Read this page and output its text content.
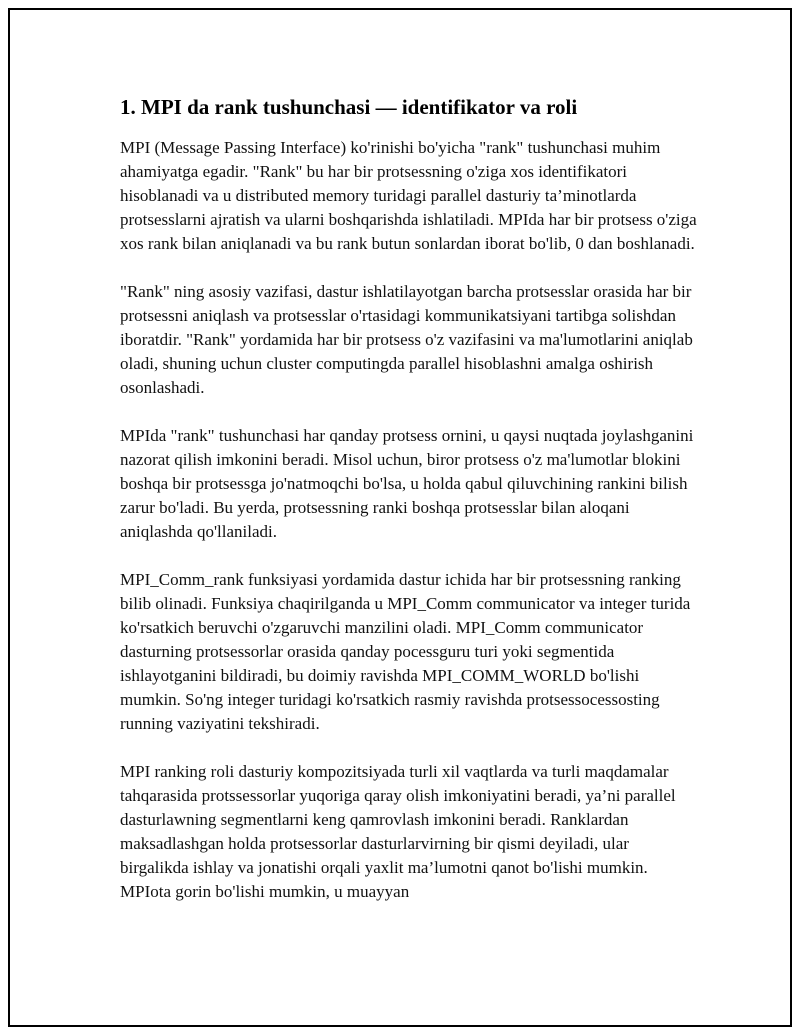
1. MPI da rank tushunchasi — identifikator va roli

MPI (Message Passing Interface) ko'rinishi bo'yicha "rank" tushunchasi muhim ahamiyatga egadir. "Rank" bu har bir protsessning o'ziga xos identifikatori hisoblanadi va u distributed memory turidagi parallel dasturiy ta’minotlarda protsesslarni ajratish va ularni boshqarishda ishlatiladi. MPIda har bir protsess o'ziga xos rank bilan aniqlanadi va bu rank butun sonlardan iborat bo'lib, 0 dan boshlanadi.

"Rank" ning asosiy vazifasi, dastur ishlatilayotgan barcha protsesslar orasida har bir protsessni aniqlash va protsesslar o'rtasidagi kommunikatsiyani tartibga solishdan iboratdir. "Rank" yordamida har bir protsess o'z vazifasini va ma'lumotlarini aniqlab oladi, shuning uchun cluster computingda parallel hisoblashni amalga oshirish osonlashadi.

MPIda "rank" tushunchasi har qanday protsess ornini, u qaysi nuqtada joylashganini nazorat qilish imkonini beradi. Misol uchun, biror protsess o'z ma'lumotlar blokini boshqa bir protsessga jo'natmoqchi bo'lsa, u holda qabul qiluvchining rankini bilish zarur bo'ladi. Bu yerda, protsessning ranki boshqa protsesslar bilan aloqani aniqlashda qo'llaniladi.

MPI_Comm_rank funksiyasi yordamida dastur ichida har bir protsessning ranking bilib olinadi. Funksiya chaqirilganda u MPI_Comm communicator va integer turida ko'rsatkich beruvchi o'zgaruvchi manzilini oladi. MPI_Comm communicator dasturning protsessorlar orasida qanday pocessguru turi yoki segmentida ishlayotganini bildiradi, bu doimiy ravishda MPI_COMM_WORLD bo'lishi mumkin. So'ng integer turidagi ko'rsatkich rasmiy ravishda protsessocessosting running vaziyatini tekshiradi.

MPI ranking roli dasturiy kompozitsiyada turli xil vaqtlarda va turli maqdamalar tahqarasida protssessorlar yuqoriga qaray olish imkoniyatini beradi, ya’ni parallel dasturlawning segmentlarni keng qamrovlash imkonini beradi. Ranklardan maksadlashgan holda protsessorlar dasturlarvirning bir qismi deyiladi, ular birgalikda ishlay va jonatishi orqali yaxlit ma’lumotni qanot bo'lishi mumkin. MPIota gorin bo'lishi mumkin, u muayyan
